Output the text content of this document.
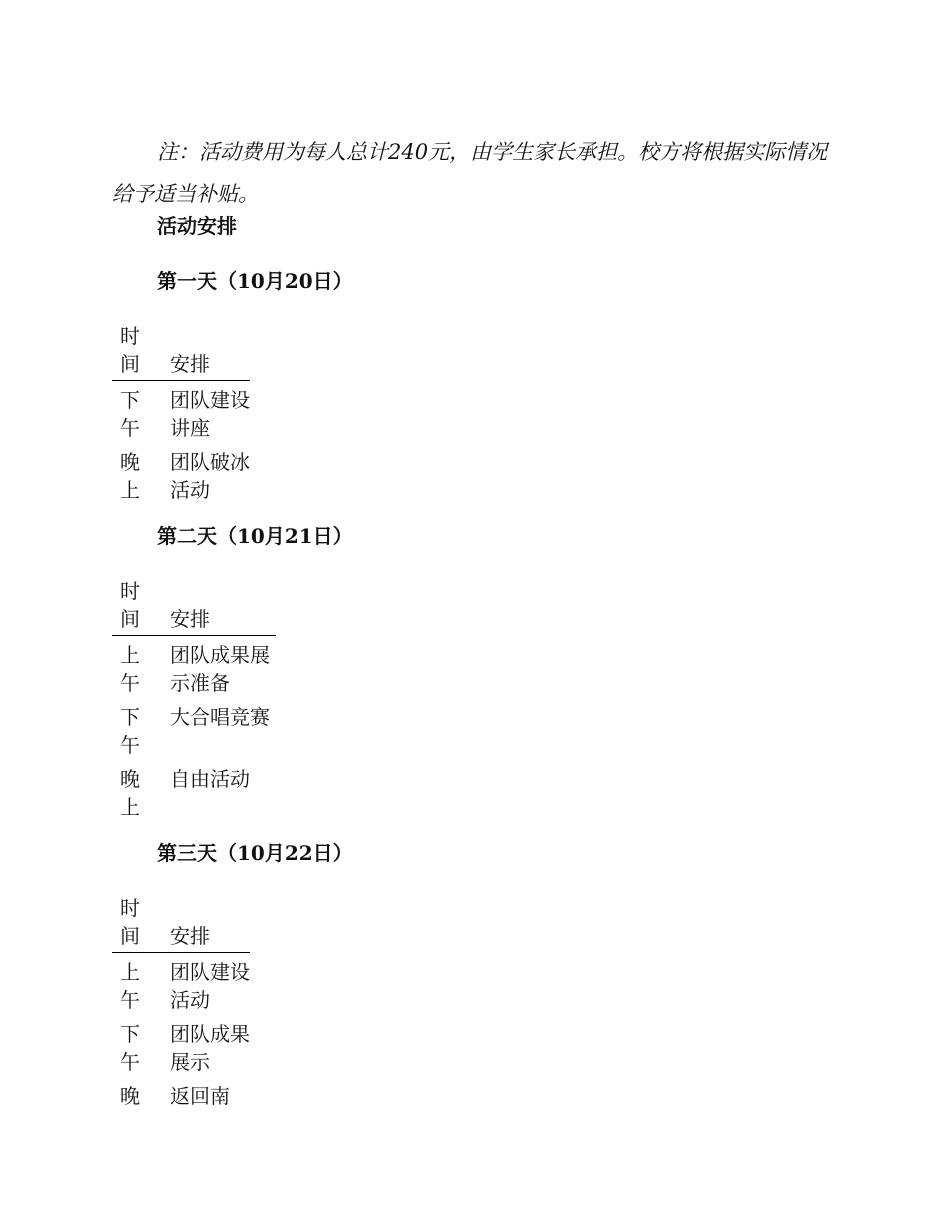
注：活动费用为每人总计240元，由学生家长承担。校方将根据实际情况给予适当补贴。

活动安排
第一天（10月20日）
时间	安排

下午	团队建设讲座
晚上	团队破冰活动
第二天（10月21日）
时间	安排

上午	团队成果展示准备
下午	大合唱竞赛
晚上	自由活动
第三天（10月22日）
时间	安排

上午	团队建设活动
下午	团队成果展示
晚	返回南
